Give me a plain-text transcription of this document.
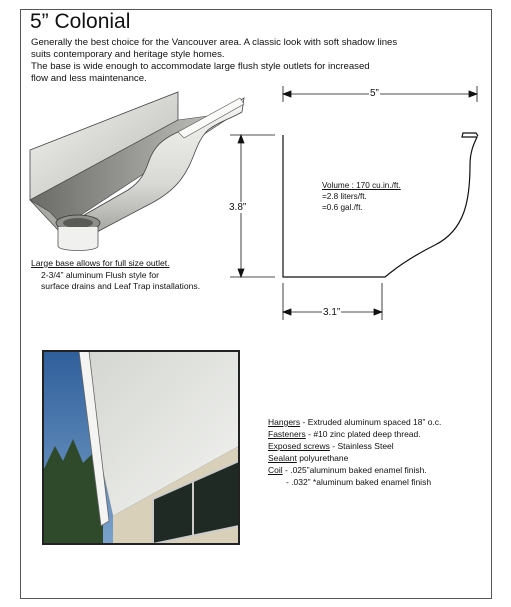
5” Colonial
Generally the best choice for the Vancouver area. A classic look with soft shadow lines
suits contemporary and heritage style homes.
The base is wide enough to accommodate large flush style outlets for increased
flow and less maintenance.
Large base allows for full size outlet.
2-3/4” aluminum Flush style for
surface drains and Leaf Trap installations.
5”
3.8”
3.1”
Volume : 170 cu.in./ft.
=2.8 liters/ft.
=0.6 gal./ft.
Hangers - Extruded aluminum spaced 18” o.c.
Fasteners - #10 zinc plated deep thread.
Exposed screws - Stainless Steel
Sealant polyurethane
Coil - .025”aluminum baked enamel finish.
- .032” *aluminum baked enamel finish
